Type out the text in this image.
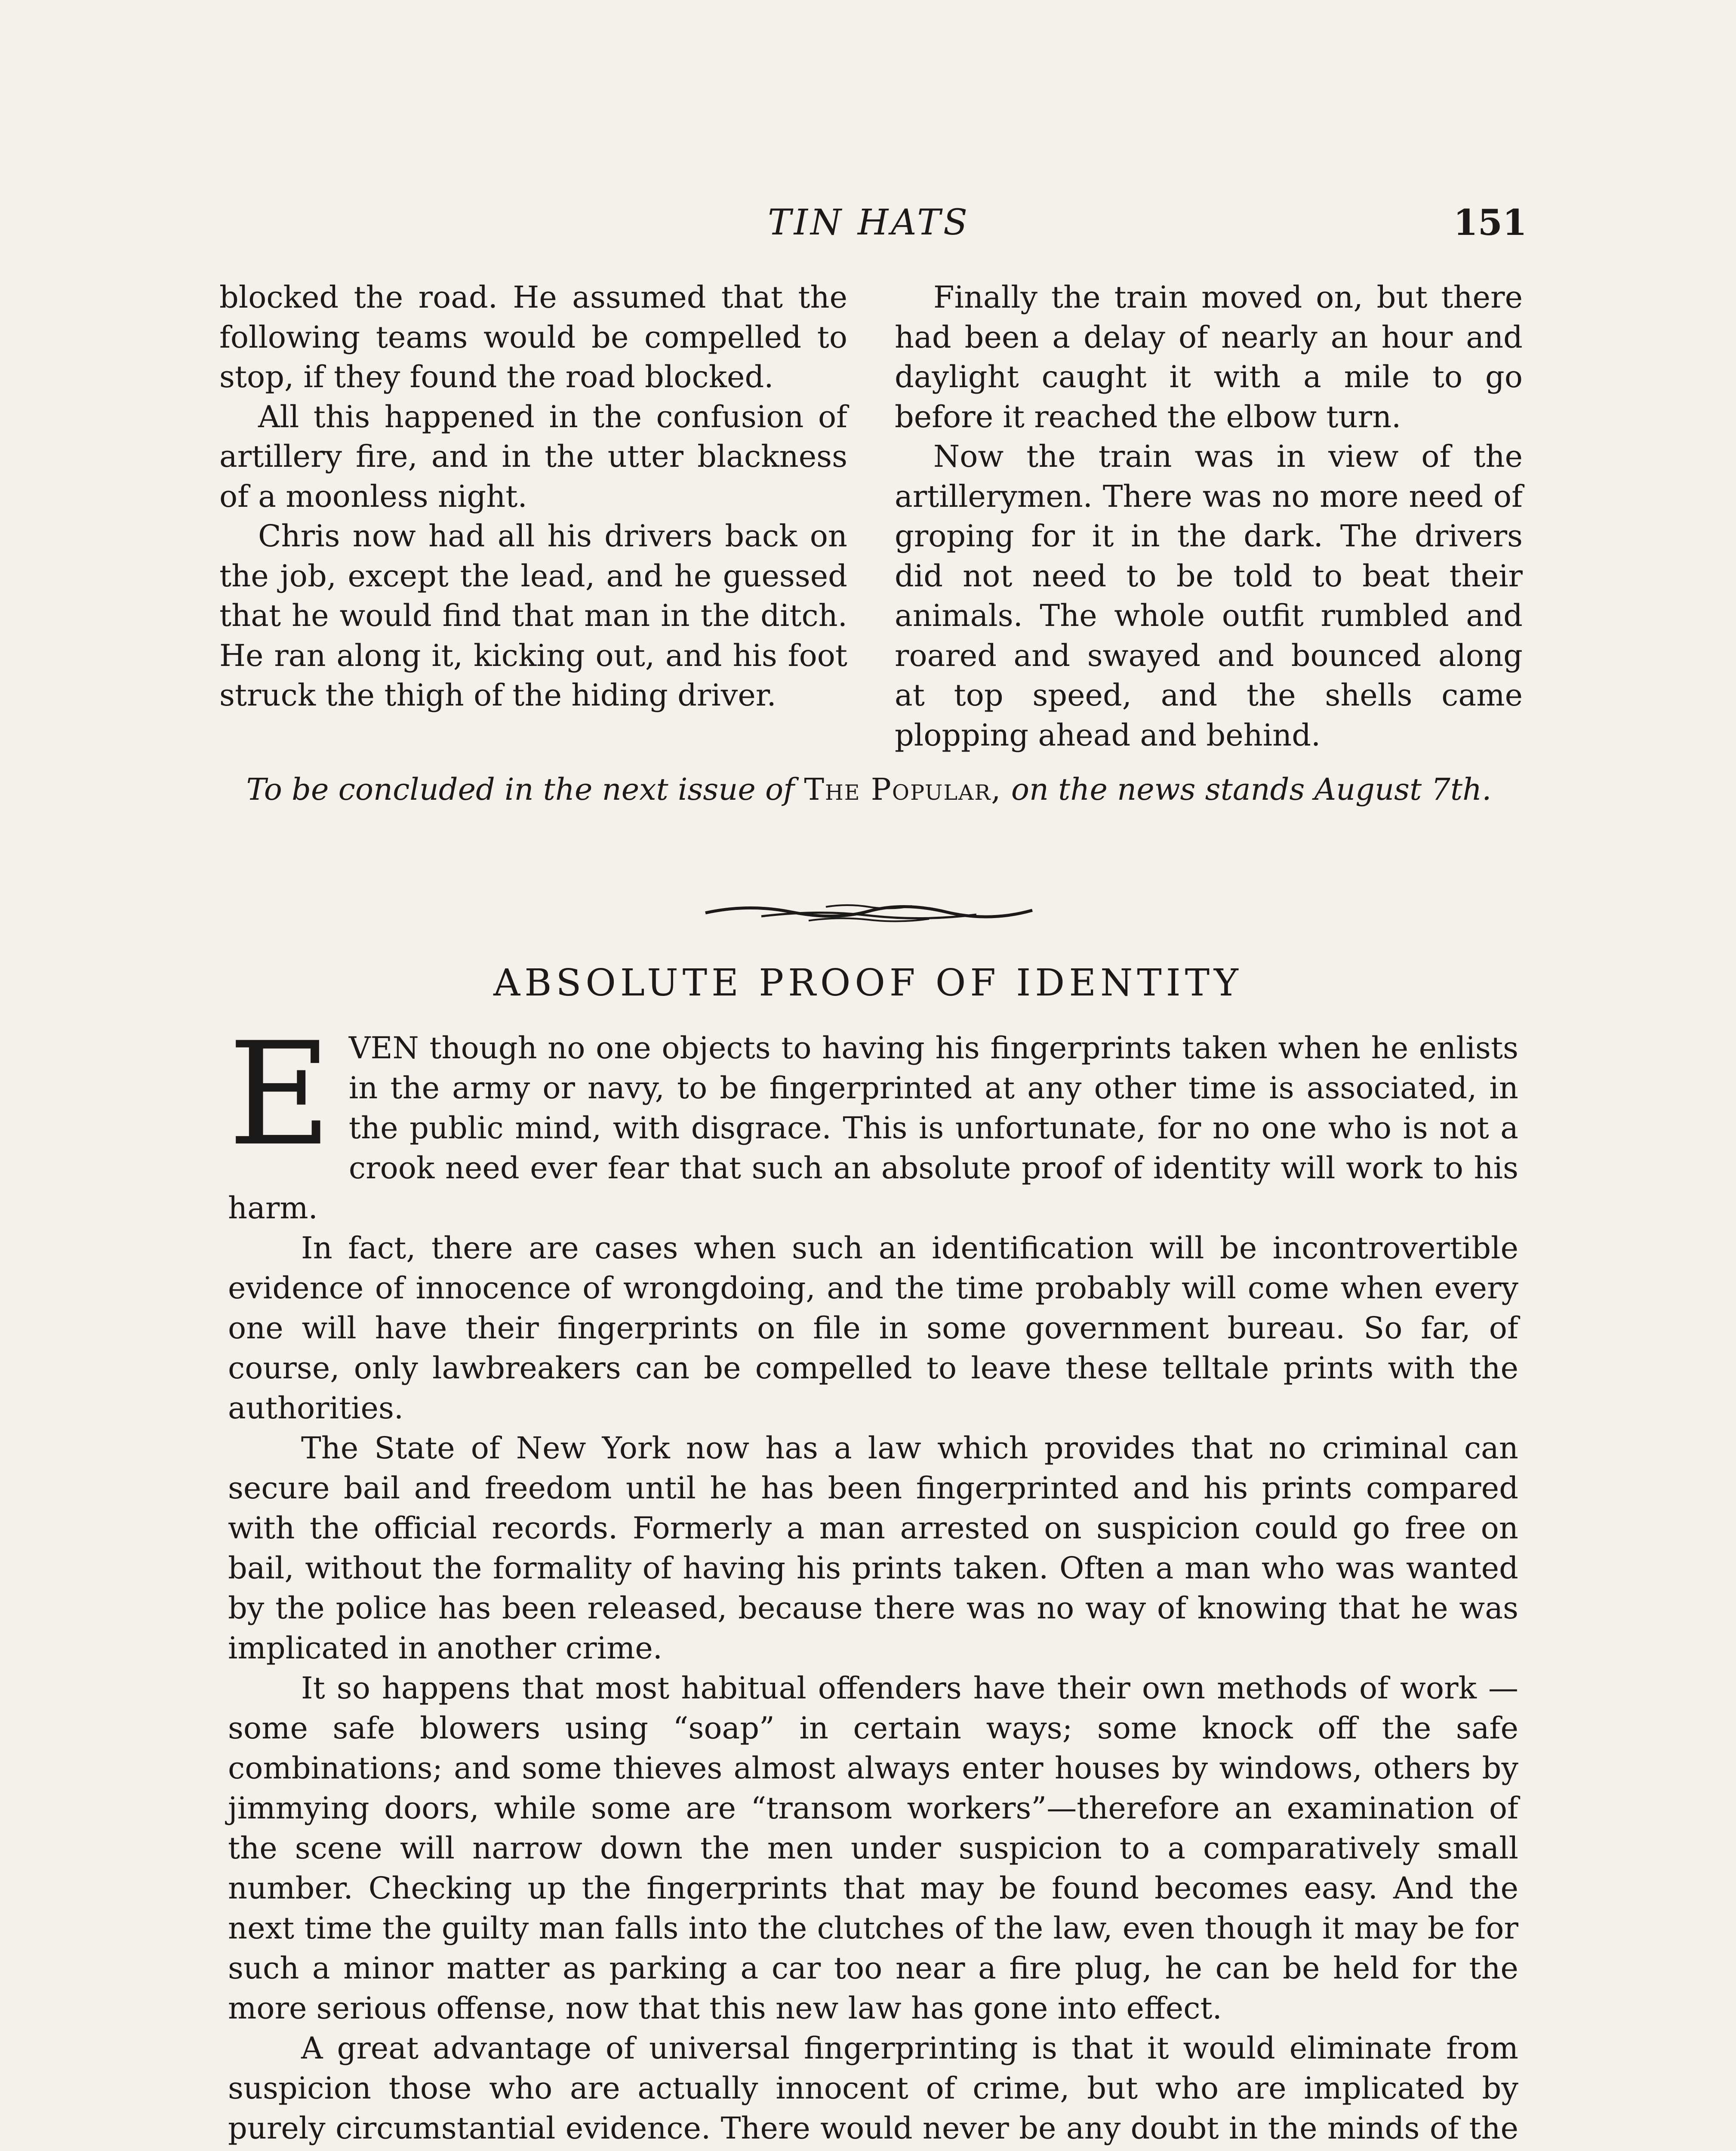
TIN HATS	151

blocked the road. He assumed that the following teams would be compelled to stop, if they found the road blocked.

All this happened in the confusion of artillery fire, and in the utter blackness of a moonless night.

Chris now had all his drivers back on the job, except the lead, and he guessed that he would find that man in the ditch. He ran along it, kicking out, and his foot struck the thigh of the hiding driver.

Finally the train moved on, but there had been a delay of nearly an hour and daylight caught it with a mile to go before it reached the elbow turn.

Now the train was in view of the artillerymen. There was no more need of groping for it in the dark. The drivers did not need to be told to beat their animals. The whole outfit rumbled and roared and swayed and bounced along at top speed, and the shells came plopping ahead and behind.

To be concluded in the next issue of The Popular, on the news stands August 7th.
ABSOLUTE PROOF OF IDENTITY

EVEN though no one objects to having his fingerprints taken when he enlists in the army or navy, to be fingerprinted at any other time is associated, in the public mind, with disgrace. This is unfortunate, for no one who is not a crook need ever fear that such an absolute proof of identity will work to his harm.

In fact, there are cases when such an identification will be incontrovertible evidence of innocence of wrongdoing, and the time probably will come when every one will have their fingerprints on file in some government bureau. So far, of course, only lawbreakers can be compelled to leave these telltale prints with the authorities.

The State of New York now has a law which provides that no criminal can secure bail and freedom until he has been fingerprinted and his prints compared with the official records. Formerly a man arrested on suspicion could go free on bail, without the formality of having his prints taken. Often a man who was wanted by the police has been released, because there was no way of knowing that he was implicated in another crime.

It so happens that most habitual offenders have their own methods of work —some safe blowers using “soap” in certain ways; some knock off the safe combinations; and some thieves almost always enter houses by windows, others by jimmying doors, while some are “transom workers”—therefore an examination of the scene will narrow down the men under suspicion to a comparatively small number. Checking up the fingerprints that may be found becomes easy. And the next time the guilty man falls into the clutches of the law, even though it may be for such a minor matter as parking a car too near a fire plug, he can be held for the more serious offense, now that this new law has gone into effect.

A great advantage of universal fingerprinting is that it would eliminate from suspicion those who are actually innocent of crime, but who are implicated by purely circumstantial evidence. There would never be any doubt in the minds of the
